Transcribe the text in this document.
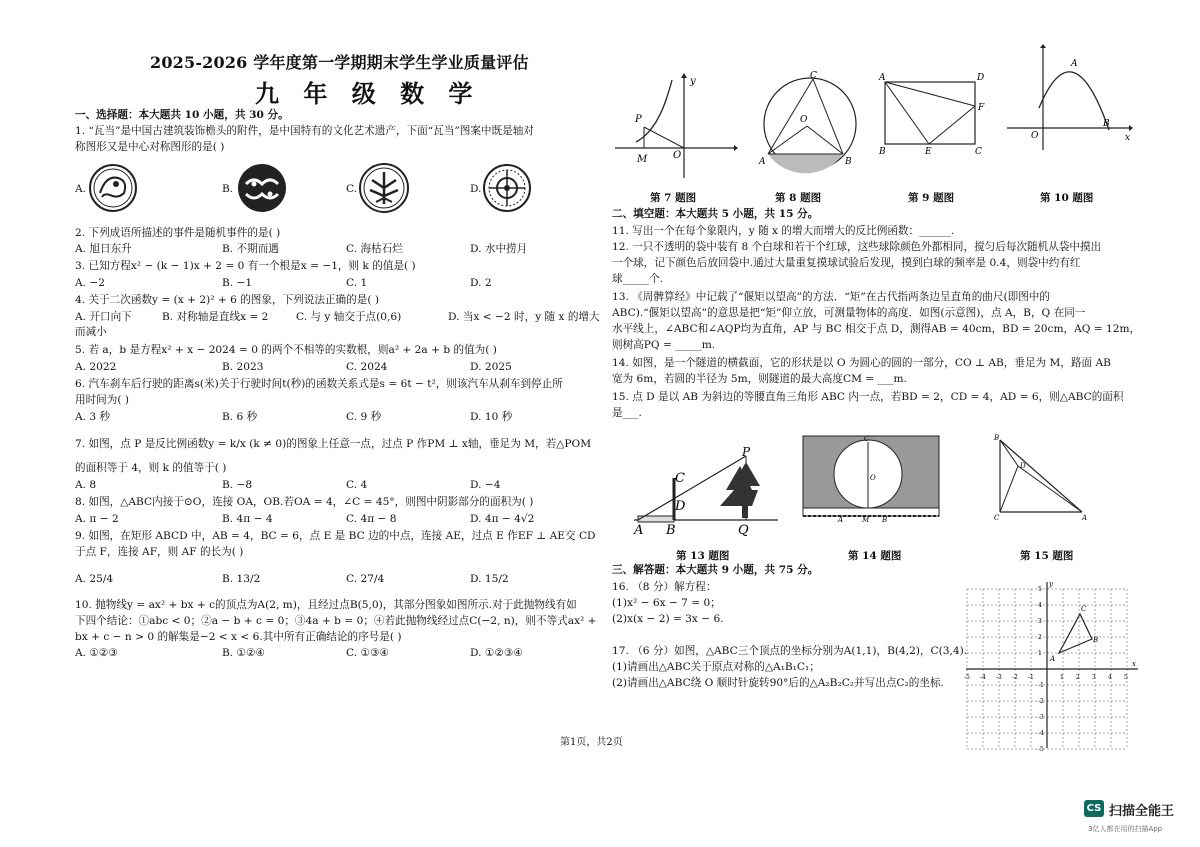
2025-2026 学年度第一学期期末学生学业质量评估
九 年 级 数 学
一、选择题：本大题共 10 小题，共 30 分。
1. “瓦当”是中国古建筑装饰檐头的附件，是中国特有的文化艺术遗产，下面“瓦当”图案中既是轴对
称图形又是中心对称图形的是( )
A.	B.	C.	D.
2. 下列成语所描述的事件是随机事件的是( )
A. 旭日东升	B. 不期而遇	C. 海枯石烂	D. 水中捞月
3. 已知方程x² − (k − 1)x + 2 = 0 有一个根是x = −1，则 k 的值是( )
A. −2	B. −1	C. 1	D. 2
4. 关于二次函数y = (x + 2)² + 6 的图象，下列说法正确的是( )
A. 开口向下	B. 对称轴是直线x = 2	C. 与 y 轴交于点(0,6)	D. 当x < −2 时，y 随 x 的增大
而减小
5. 若 a，b 是方程x² + x − 2024 = 0 的两个不相等的实数根，则a² + 2a + b 的值为( )
A. 2022	B. 2023	C. 2024	D. 2025
6. 汽车刹车后行驶的距离s(米)关于行驶时间t(秒)的函数关系式是s = 6t − t²，则该汽车从刹车到停止所
用时间为( )
A. 3 秒	B. 6 秒	C. 9 秒	D. 10 秒
7. 如图，点 P 是反比例函数y = k/x (k ≠ 0)的图象上任意一点，过点 P 作PM ⊥ x轴，垂足为 M，若△POM
的面积等于 4，则 k 的值等于( )
A. 8	B. −8	C. 4	D. −4
8. 如图，△ABC内接于⊙O，连接 OA，OB.若OA = 4，∠C = 45°，则图中阴影部分的面积为( )
A. π − 2	B. 4π − 4	C. 4π − 8	D. 4π − 4√2
9. 如图，在矩形 ABCD 中，AB = 4，BC = 6，点 E 是 BC 边的中点，连接 AE，过点 E 作EF ⊥ AE交 CD
于点 F，连接 AF，则 AF 的长为( )
A. 25/4	B. 13/2	C. 27/4	D. 15/2
10. 抛物线y = ax² + bx + c的顶点为A(2, m)，且经过点B(5,0)，其部分图象如图所示.对于此抛物线有如
下四个结论：①abc < 0；②a − b + c = 0；③4a + b = 0；④若此抛物线经过点C(−2, n)，则不等式ax² +
bx + c − n > 0 的解集是−2 < x < 6.其中所有正确结论的序号是( )
A. ①②③	B. ①②④	C. ①③④	D. ①②③④
y
P
M	O
C
O
A	B
A	D
F
B	E	C
A
O
B
x
第 7 题图	第 8 题图	第 9 题图	第 10 题图
二、填空题：本大题共 5 小题，共 15 分。
11. 写出一个在每个象限内，y 随 x 的增大而增大的反比例函数：______.
12. 一只不透明的袋中装有 8 个白球和若干个红球，这些球除颜色外都相同，搅匀后每次随机从袋中摸出
一个球，记下颜色后放回袋中.通过大量重复摸球试验后发现，摸到白球的频率是 0.4，则袋中约有红
球_____个.
13. 《周髀算经》中记载了“偃矩以望高”的方法．“矩”在古代指两条边呈直角的曲尺(即图中的
ABC).“偃矩以望高”的意思是把“矩”仰立放，可测量物体的高度．如图(示意图)，点 A，B，Q 在同一
水平线上，∠ABC和∠AQP均为直角，AP 与 BC 相交于点 D，测得AB = 40cm，BD = 20cm，AQ = 12m，
则树高PQ = _____m.
14. 如图，是一个隧道的横截面，它的形状是以 O 为圆心的圆的一部分，CO ⊥ AB，垂足为 M，路面 AB
宽为 6m，若圆的半径为 5m，则隧道的最大高度CM = ___m.
15. 点 D 是以 AB 为斜边的等腰直角三角形 ABC 内一点，若BD = 2，CD = 4，AD = 6，则△ABC的面积
是___.
C
D
P
A B	Q
C
O
A	M B
B
D
C	A
第 13 题图	第 14 题图	第 15 题图
三、解答题：本大题共 9 小题，共 75 分。
16. （8 分）解方程：
(1)x² − 6x − 7 = 0；
(2)x(x − 2) = 3x − 6.
17. （6 分）如图，△ABC三个顶点的坐标分别为A(1,1)，B(4,2)，C(3,4).
(1)请画出△ABC关于原点对称的△A₁B₁C₁；
(2)请画出△ABC绕 O 顺时针旋转90°后的△A₂B₂C₂并写出点C₂的坐标.	-5
-5
-4
-4
-3
-3
-2
-2
-1
-1
1
1
2
2
3
3
4
4
5
5
y
x
A
B
C
第1页，共2页
CS 扫描全能王
3亿人都在用的扫描App
